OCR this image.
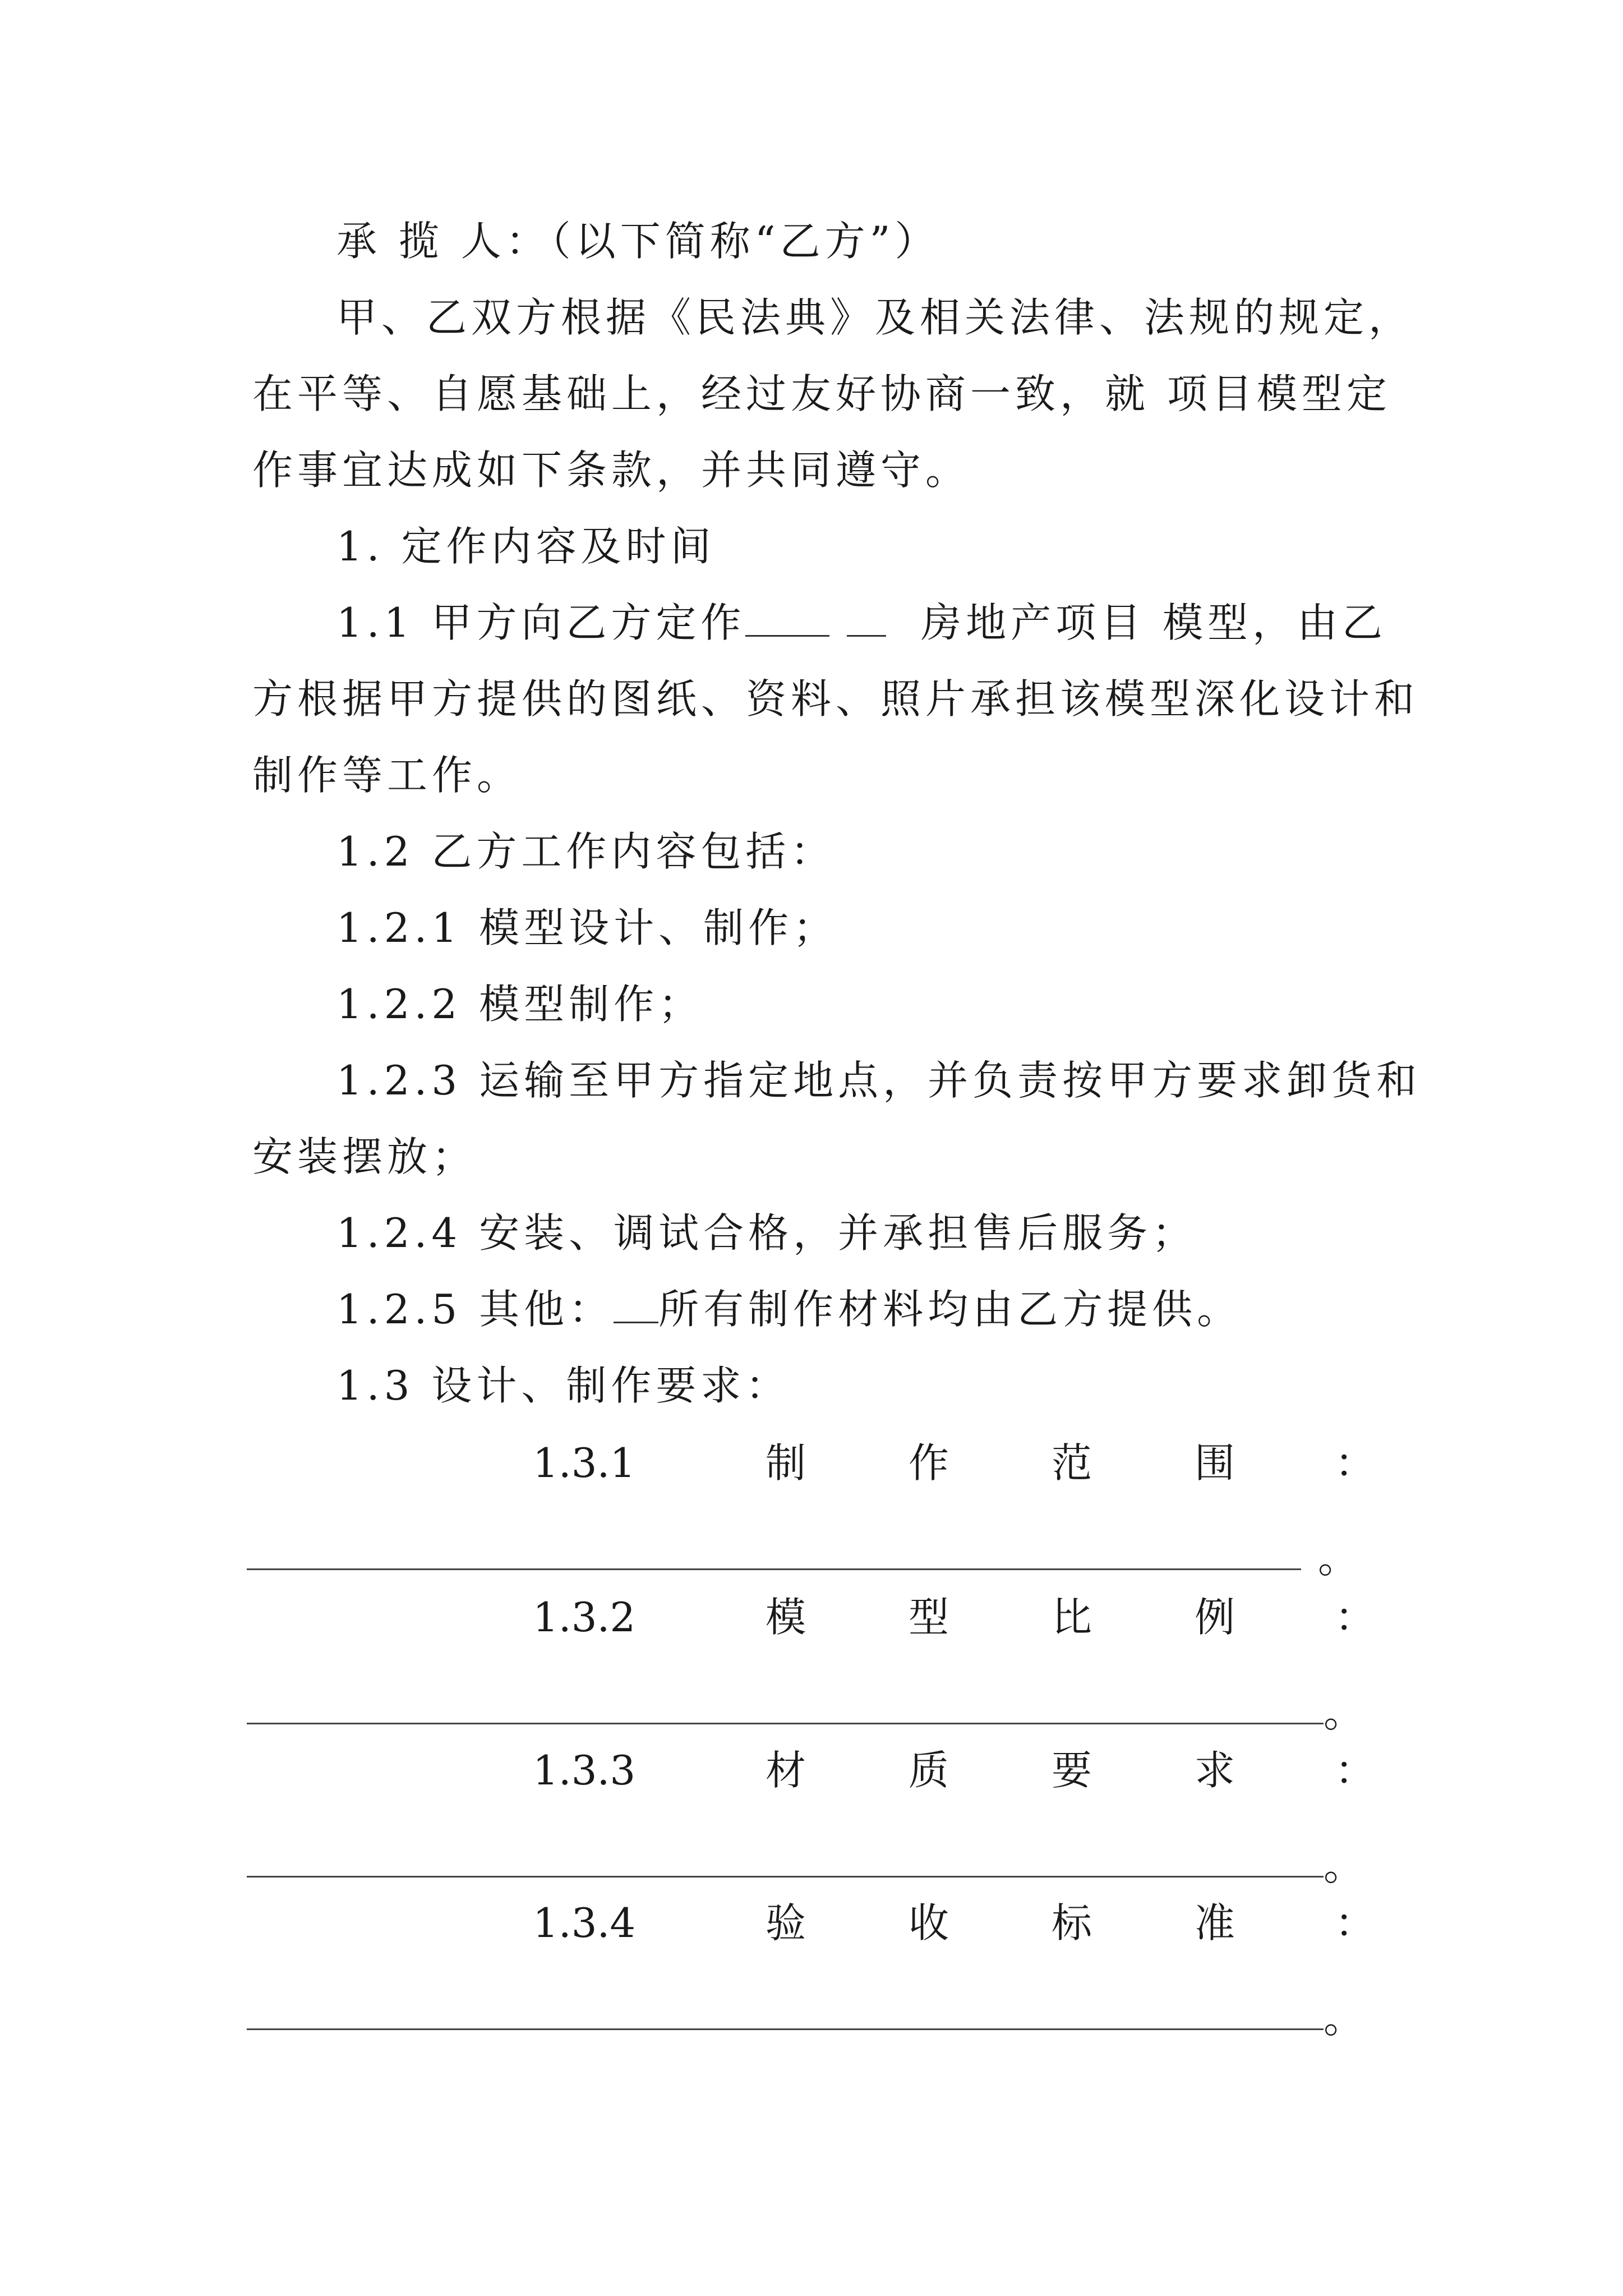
承 揽 人：（以下简称“乙方”）
甲、乙双方根据《民法典》及相关法律、法规的规定，
在平等、自愿基础上，经过友好协商一致，就 项目模型定
作事宜达成如下条款，并共同遵守。
1. 定作内容及时间
1.1 甲方向乙方定作	房地产项目 模型，由乙
方根据甲方提供的图纸、资料、照片承担该模型深化设计和
制作等工作。
1.2 乙方工作内容包括：
1.2.1 模型设计、制作；
1.2.2 模型制作；
1.2.3 运输至甲方指定地点，并负责按甲方要求卸货和
安装摆放；
1.2.4 安装、调试合格，并承担售后服务；
1.2.5 其他： 所有制作材料均由乙方提供。
1.3 设计、制作要求：
1.3.1	制	作	范	围 ：
。
1.3.2	模	型	比	例 ：
。
1.3.3	材	质	要	求 ：
。
1.3.4	验	收	标	准 ：
。
